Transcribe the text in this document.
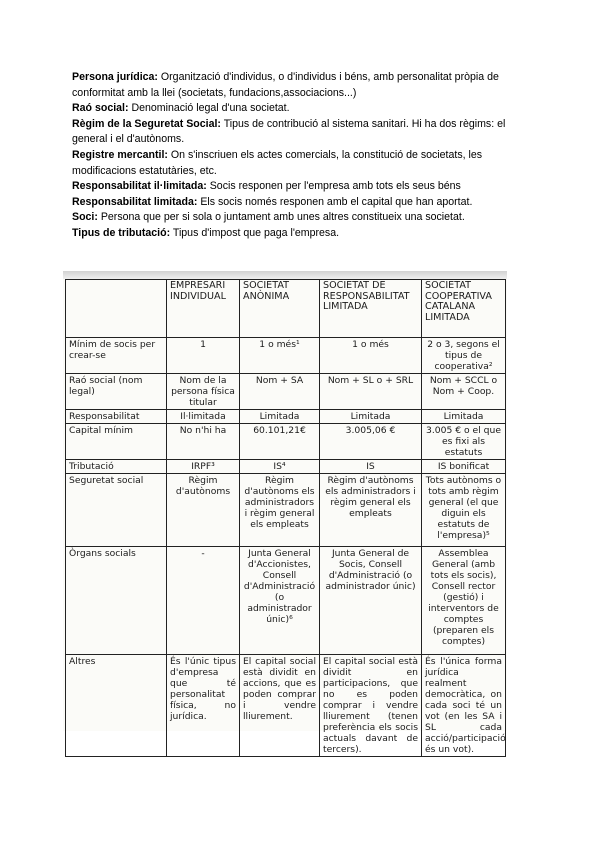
Persona jurídica: Organització d'individus, o d'individus i béns, amb personalitat pròpia de conformitat amb la llei (societats, fundacions,associacions...)

Raó social: Denominació legal d'una societat.

Règim de la Seguretat Social: Tipus de contribució al sistema sanitari. Hi ha dos règims: el general i el d'autònoms.

Registre mercantil: On s'inscriuen els actes comercials, la constitució de societats, les modificacions estatutàries, etc.

Responsabilitat il·limitada: Socis responen per l'empresa amb tots els seus béns

Responsabilitat limitada: Els socis només responen amb el capital que han aportat.

Soci: Persona que per si sola o juntament amb unes altres constitueix una societat.

Tipus de tributació: Tipus d'impost que paga l'empresa.

	EMPRESARI INDIVIDUAL	SOCIETAT ANÒNIMA	SOCIETAT DE RESPONSABILITAT LIMITADA	SOCIETAT COOPERATIVA CATALANA LIMITADA
Mínim de socis per crear-se	1	1 o més¹	1 o més	2 o 3, segons el tipus de cooperativa²
Raó social (nom legal)	Nom de la persona física titular	Nom + SA	Nom + SL o + SRL	Nom + SCCL o Nom + Coop.
Responsabilitat	Il·limitada	Limitada	Limitada	Limitada
Capital mínim	No n'hi ha	60.101,21€	3.005,06 €	3.005 € o el que es fixi als estatuts
Tributació	IRPF³	IS⁴	IS	IS bonificat
Seguretat social	Règim d'autònoms	Règim d'autònoms els administradors i règim general els empleats	Règim d'autònoms els administradors i règim general els empleats	Tots autònoms o tots amb règim general (el que diguin els estatuts de l'empresa)⁵
Òrgans socials	-	Junta General d'Accionistes, Consell d'Administració (o administrador únic)⁶	Junta General de Socis, Consell d'Administració (o administrador únic)	Assemblea General (amb tots els socis), Consell rector (gestió) i interventors de comptes (preparen els comptes)
Altres	És l'únic tipus d'empresa que té personalitat física, no jurídica.	El capital social està dividit en accions, que es poden comprar i vendre lliurement.	El capital social està dividit en participacions, que no es poden comprar i vendre lliurement (tenen preferència els socis actuals davant de tercers).	És l'única forma jurídica realment democràtica, on cada soci té un vot (en les SA i SL cada acció/participació és un vot).
